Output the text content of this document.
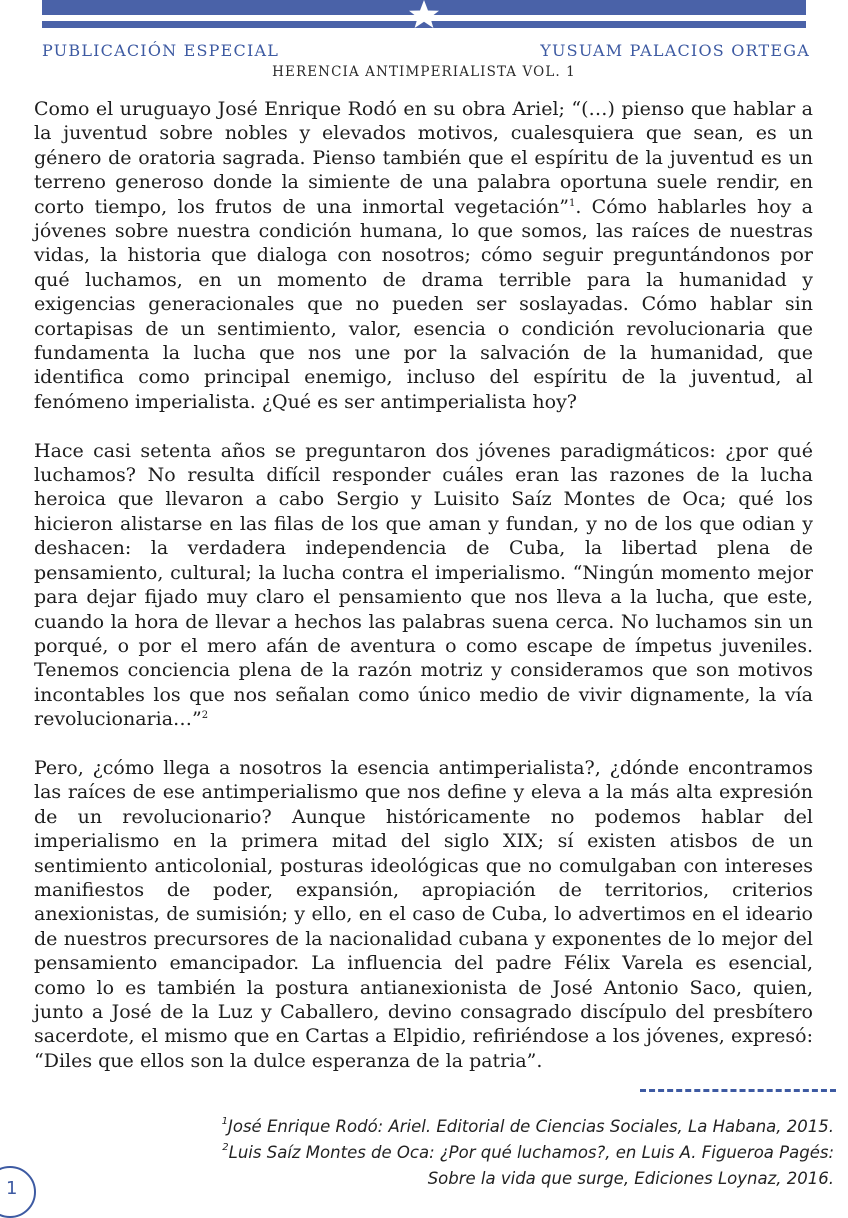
PUBLICACIÓN ESPECIAL	YUSUAM PALACIOS ORTEGA
HERENCIA ANTIMPERIALISTA VOL. 1

Como el uruguayo José Enrique Rodó en su obra Ariel; “(…) pienso que hablar a la juventud sobre nobles y elevados motivos, cualesquiera que sean, es un género de oratoria sagrada. Pienso también que el espíritu de la juventud es un terreno generoso donde la simiente de una palabra oportuna suele rendir, en corto tiempo, los frutos de una inmortal vegetación”$^1$. Cómo hablarles hoy a jóvenes sobre nuestra condición humana, lo que somos, las raíces de nuestras vidas, la historia que dialoga con nosotros; cómo seguir preguntándonos por qué luchamos, en un momento de drama terrible para la humanidad y exigencias generacionales que no pueden ser soslayadas. Cómo hablar sin cortapisas de un sentimiento, valor, esencia o condición revolucionaria que fundamenta la lucha que nos une por la salvación de la humanidad, que identifica como principal enemigo, incluso del espíritu de la juventud, al fenómeno imperialista. ¿Qué es ser antimperialista hoy?

Hace casi setenta años se preguntaron dos jóvenes paradigmáticos: ¿por qué luchamos? No resulta difícil responder cuáles eran las razones de la lucha heroica que llevaron a cabo Sergio y Luisito Saíz Montes de Oca; qué los hicieron alistarse en las filas de los que aman y fundan, y no de los que odian y deshacen: la verdadera independencia de Cuba, la libertad plena de pensamiento, cultural; la lucha contra el imperialismo. “Ningún momento mejor para dejar fijado muy claro el pensamiento que nos lleva a la lucha, que este, cuando la hora de llevar a hechos las palabras suena cerca. No luchamos sin un porqué, o por el mero afán de aventura o como escape de ímpetus juveniles. Tenemos conciencia plena de la razón motriz y consideramos que son motivos incontables los que nos señalan como único medio de vivir dignamente, la vía revolucionaria…”$^2$

Pero, ¿cómo llega a nosotros la esencia antimperialista?, ¿dónde encontramos las raíces de ese antimperialismo que nos define y eleva a la más alta expresión de un revolucionario? Aunque históricamente no podemos hablar del imperialismo en la primera mitad del siglo XIX; sí existen atisbos de un sentimiento anticolonial, posturas ideológicas que no comulgaban con intereses manifiestos de poder, expansión, apropiación de territorios, criterios anexionistas, de sumisión; y ello, en el caso de Cuba, lo advertimos en el ideario de nuestros precursores de la nacionalidad cubana y exponentes de lo mejor del pensamiento emancipador. La influencia del padre Félix Varela es esencial, como lo es también la postura antianexionista de José Antonio Saco, quien, junto a José de la Luz y Caballero, devino consagrado discípulo del presbítero sacerdote, el mismo que en Cartas a Elpidio, refiriéndose a los jóvenes, expresó: “Diles que ellos son la dulce esperanza de la patria”.

$^1$José Enrique Rodó: Ariel. Editorial de Ciencias Sociales, La Habana, 2015.

$^2$Luis Saíz Montes de Oca: ¿Por qué luchamos?, en Luis A. Figueroa Pagés:
Sobre la vida que surge, Ediciones Loynaz, 2016.

1
